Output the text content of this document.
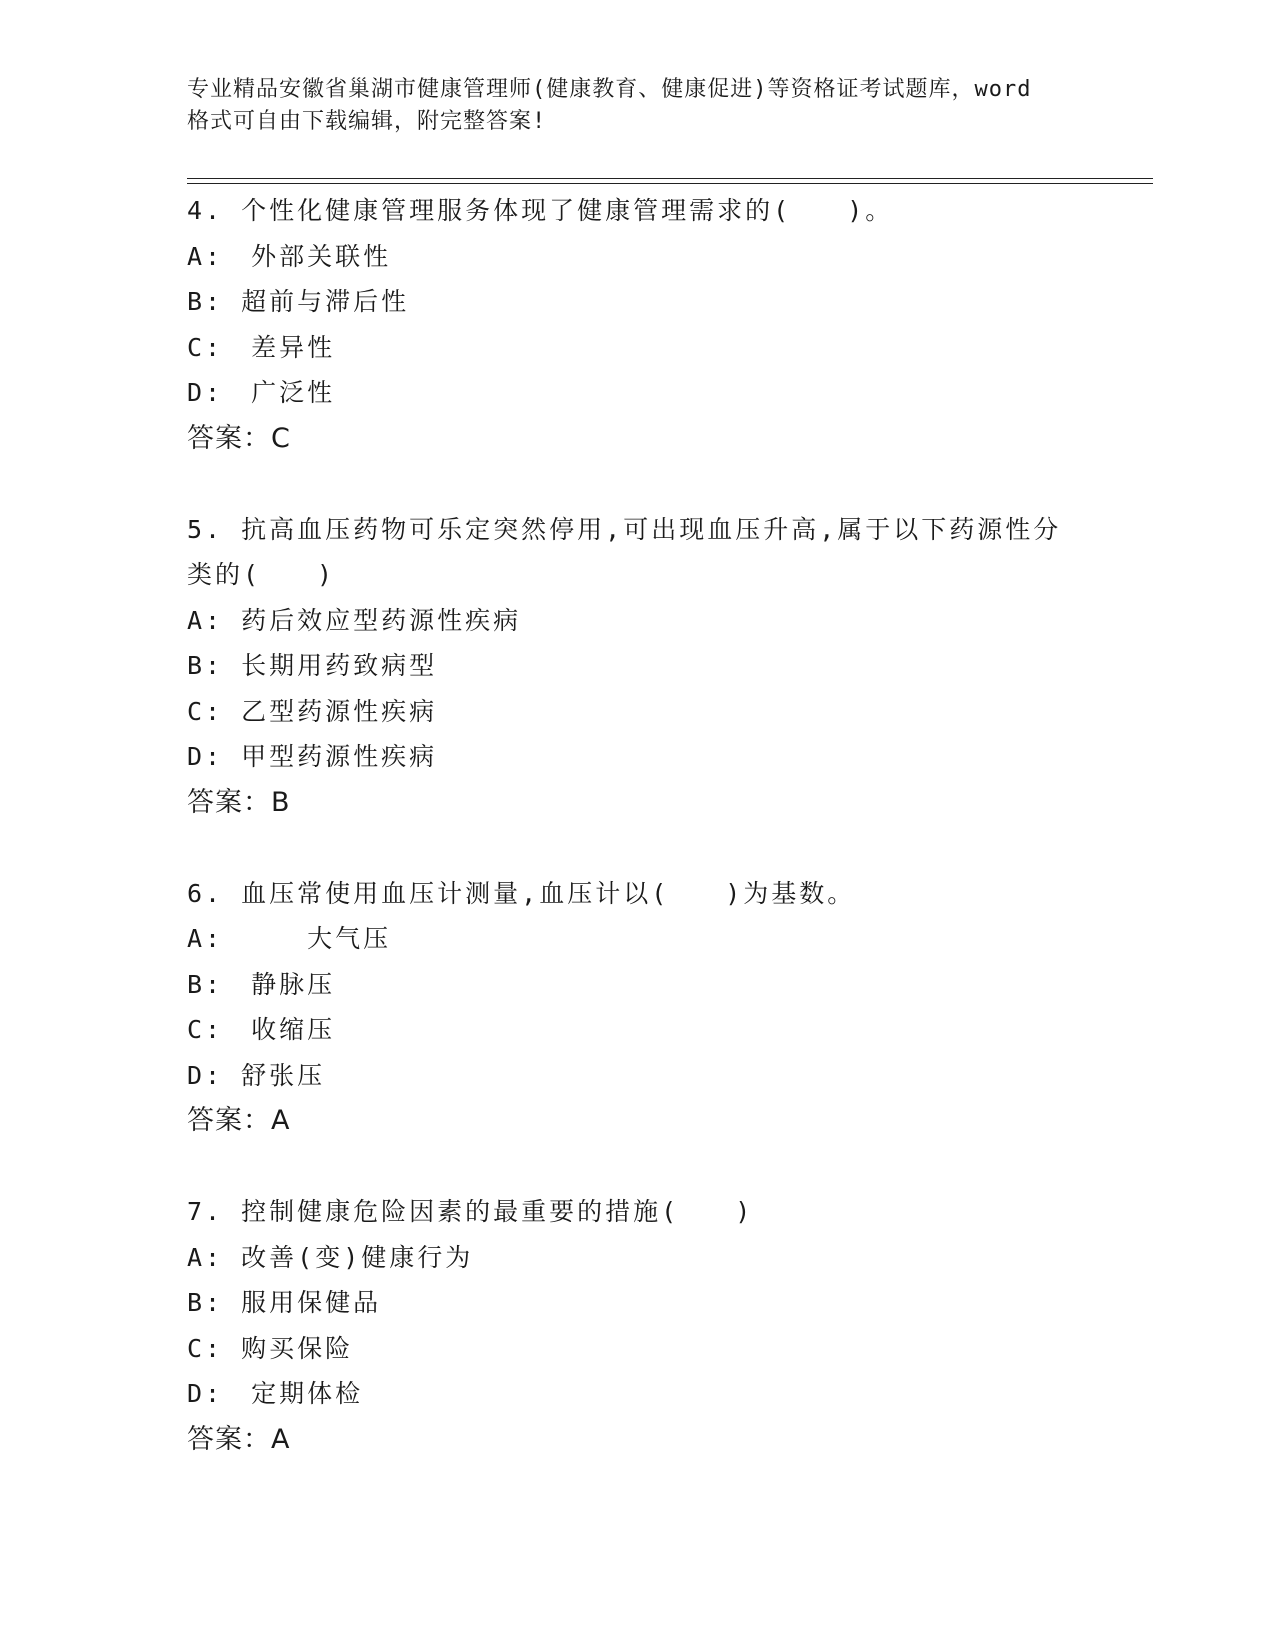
专业精品安徽省巢湖市健康管理师(健康教育、健康促进)等资格证考试题库，word
格式可自由下载编辑，附完整答案!
4. 个性化健康管理服务体现了健康管理需求的(　　)。
A:　外部关联性
B: 超前与滞后性
C:　差异性
D:　广泛性
答案：C
5. 抗高血压药物可乐定突然停用,可出现血压升高,属于以下药源性分
类的(　　)
A: 药后效应型药源性疾病
B: 长期用药致病型
C: 乙型药源性疾病
D: 甲型药源性疾病
答案：B
6. 血压常使用血压计测量,血压计以(　　)为基数。
A:　　　大气压
B:　静脉压
C:　收缩压
D: 舒张压
答案：A
7. 控制健康危险因素的最重要的措施(　　)
A: 改善(变)健康行为
B: 服用保健品
C: 购买保险
D:　定期体检
答案：A
